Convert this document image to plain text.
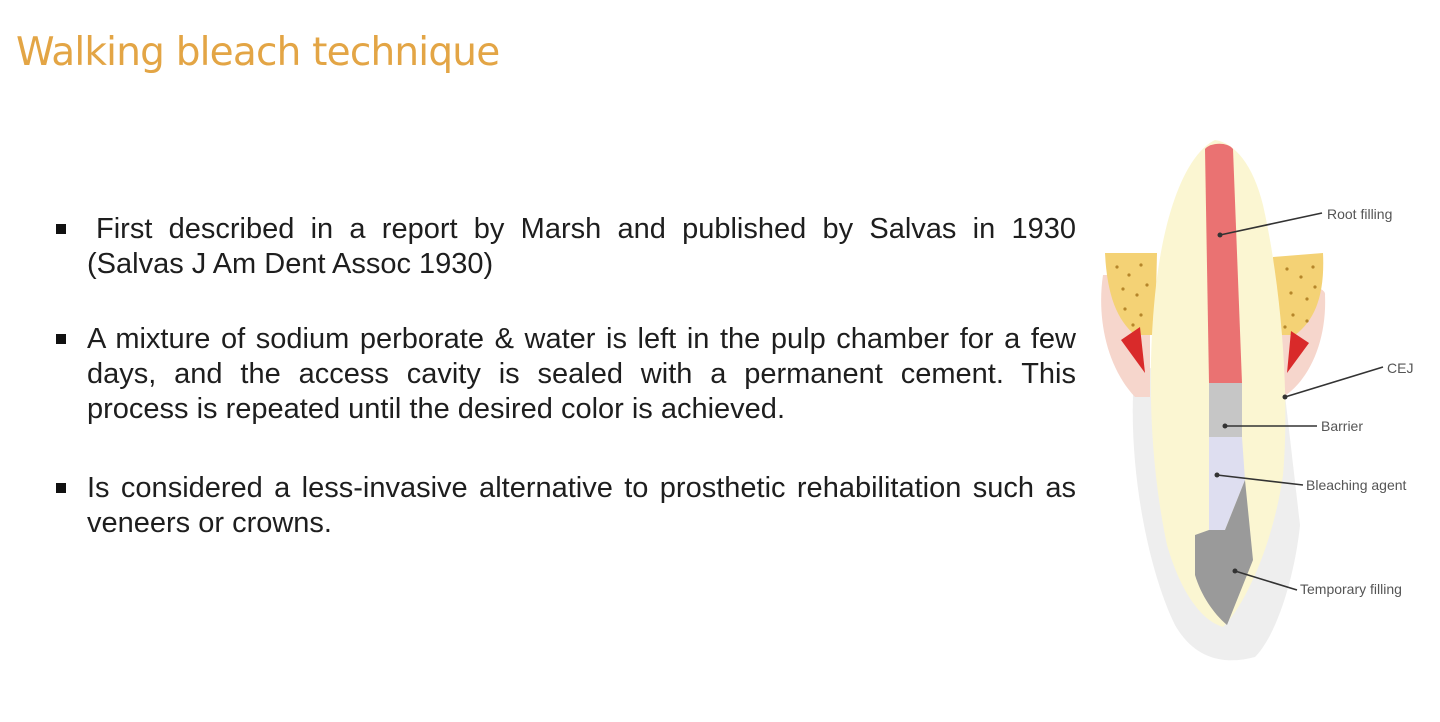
Walking bleach technique
First described in a report by Marsh and published by Salvas in 1930 (Salvas J Am Dent Assoc 1930)
A mixture of sodium perborate & water is left in the pulp chamber for a few days, and the access cavity is sealed with a permanent cement. This process is repeated until the desired color is achieved.
Is considered a less-invasive alternative to prosthetic rehabilitation such as veneers or crowns.
Root filling
CEJ
Barrier
Bleaching agent
Temporary filling
